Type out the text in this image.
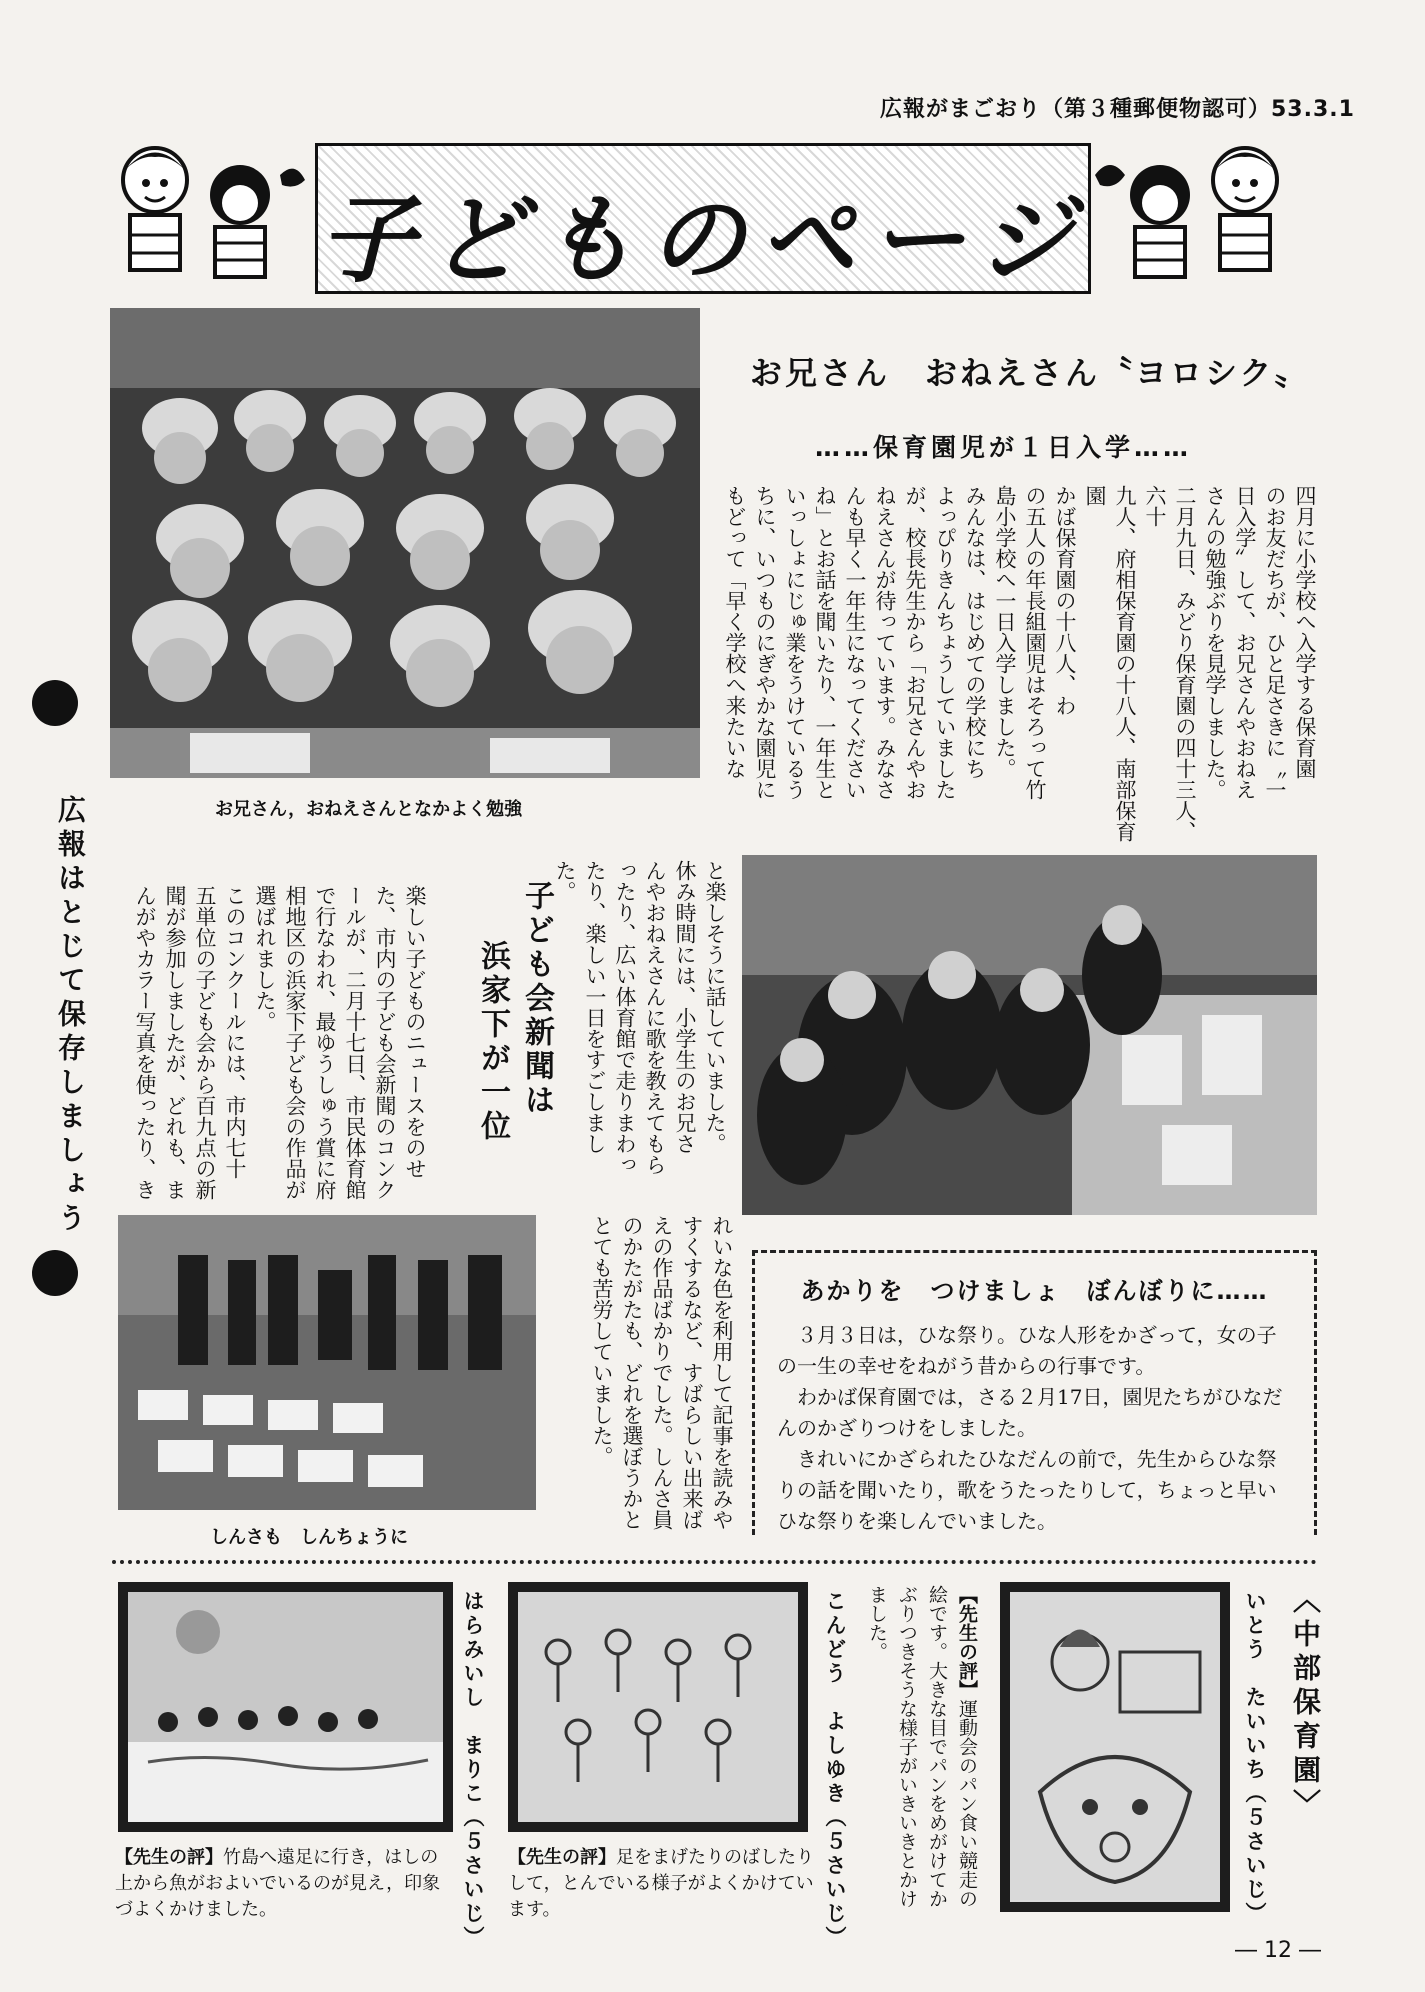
広報がまごおり（第３種郵便物認可）53.3.1
子どものページ
広報はとじて保存しましょう	お兄さん，おねえさんとなかよく勉強
お兄さん　おねえさん〝ヨロシク〟
……保育園児が１日入学……
四月に小学校へ入学する保育園
のお友だちが、ひと足さきに〝一
日入学〟して、お兄さんやおねえ
さんの勉強ぶりを見学しました。
二月九日、みどり保育園の四十三人、六十
九人、府相保育園の十八人、南部保育園
かば保育園の十八人、わ
の五人の年長組園児はそろって竹
島小学校へ一日入学しました。
みんなは、はじめての学校にち
よっぴりきんちょうしていました
が、校長先生から「お兄さんやお
ねえさんが待っています。みなさ
んも早く一年生になってください
ね」とお話を聞いたり、一年生と
いっしょにじゅ業をうけているう
ちに、いつものにぎやかな園児に
もどって「早く学校へ来たいな
と楽しそうに話していました。
休み時間には、小学生のお兄さ
んやおねえさんに歌を教えてもら
ったり、広い体育館で走りまわっ
たり、楽しい一日をすごしました。
子ども会新聞は
浜家下が一位
楽しい子どものニュースをのせ
た、市内の子ども会新聞のコンク
ールが、二月十七日、市民体育館
で行なわれ、最ゆうしゅう賞に府
相地区の浜家下子ども会の作品が
選ばれました。
このコンクールには、市内七十
五単位の子ども会から百九点の新
聞が参加しましたが、どれも、ま
んがやカラー写真を使ったり、き
しんさも　しんちょうに
れいな色を利用して記事を読みや
すくするなど、すばらしい出来ば
えの作品ばかりでした。しんさ員
のかたがたも、どれを選ぼうかと
とても苦労していました。	あかりを　つけましょ　ぼんぼりに……
３月３日は，ひな祭り。ひな人形をかざって，女の子の一生の幸せをねがう昔からの行事です。
わかば保育園では，さる２月17日，園児たちがひなだんのかざりつけをしました。
きれいにかざられたひなだんの前で，先生からひな祭りの話を聞いたり，歌をうたったりして，ちょっと早いひな祭りを楽しんでいました。
はらみいし　まりこ（５さいじ）
【先生の評】竹島へ遠足に行き，はしの上から魚がおよいでいるのが見え，印象づよくかけました。
こんどう　よしゆき（５さいじ）
【先生の評】足をまげたりのばしたりして，とんでいる様子がよくかけています。
【先生の評】運動会のパン食い競走の絵です。大きな目でパンをめがけてかぶりつきそうな様子がいきいきとかけました。	いとう　たいいち（５さいじ）
〈中部保育園〉
― 12 ―
